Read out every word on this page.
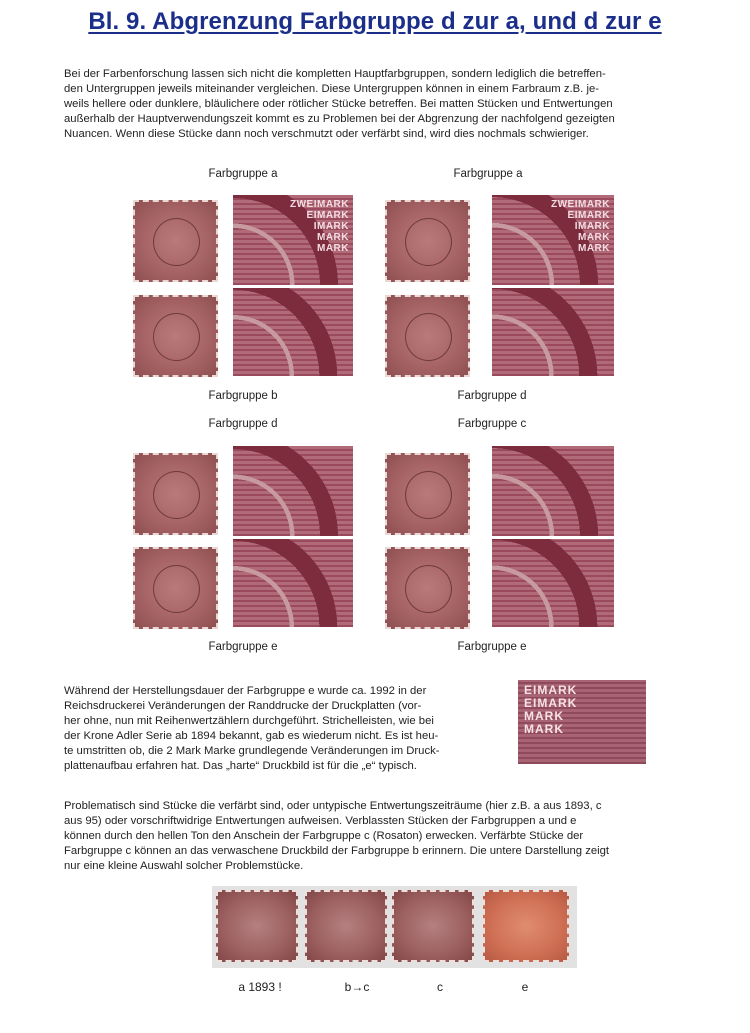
Bl. 9. Abgrenzung Farbgruppe d zur a, und d zur e

Bei der Farbenforschung lassen sich nicht die kompletten Hauptfarbgruppen, sondern lediglich die betreffen-

den Untergruppen jeweils miteinander vergleichen. Diese Untergruppen können in einem Farbraum z.B. je-

weils hellere oder dunklere, bläulichere oder rötlicher Stücke betreffen. Bei matten Stücken und Entwertungen

außerhalb der Hauptverwendungszeit kommt es zu Problemen bei der Abgrenzung der nachfolgend gezeigten

Nuancen. Wenn diese Stücke dann noch verschmutzt oder verfärbt sind, wird dies nochmals schwieriger.

Farbgruppe a	Farbgruppe a
ZWEIMARK
EIMARK
IMARK
MARK
MARK
ZWEIMARK
EIMARK
IMARK
MARK
MARK
Farbgruppe b	Farbgruppe d
Farbgruppe d	Farbgruppe c
Farbgruppe e	Farbgruppe e

Während der Herstellungsdauer der Farbgruppe e wurde ca. 1992 in der

Reichsdruckerei Veränderungen der Randdrucke der Druckplatten (vor-

her ohne, nun mit Reihenwertzählern durchgeführt. Strichelleisten, wie bei

der Krone Adler Serie ab 1894 bekannt, gab es wiederum nicht. Es ist heu-

te umstritten ob, die 2 Mark Marke grundlegende Veränderungen im Druck-

plattenaufbau erfahren hat. Das „harte“ Druckbild ist für die „e“ typisch.

EIMARK
EIMARK
MARK
MARK

Problematisch sind Stücke die verfärbt sind, oder untypische Entwertungszeiträume (hier z.B. a aus 1893, c

aus 95) oder vorschriftwidrige Entwertungen aufweisen. Verblassten Stücken der Farbgruppen a und e

können durch den hellen Ton den Anschein der Farbgruppe c (Rosaton) erwecken. Verfärbte Stücke der

Farbgruppe c können an das verwaschene Druckbild der Farbgruppe b erinnern. Die untere Darstellung zeigt

nur eine kleine Auswahl solcher Problemstücke.

a 1893 !	b→c	c	e
